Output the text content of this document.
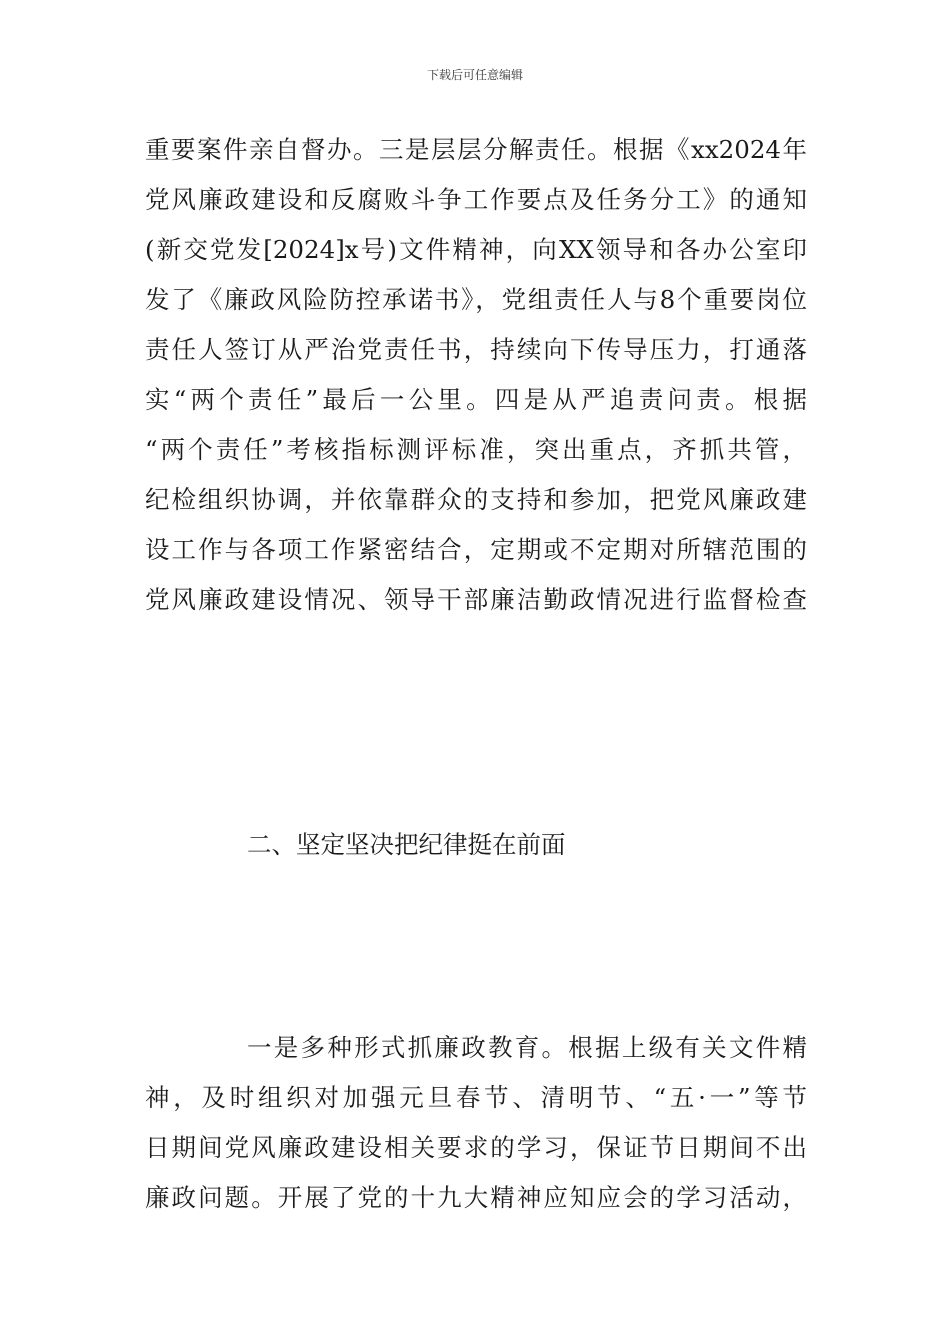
下载后可任意编辑
重要案件亲自督办。三是层层分解责任。根据《xx2024年
党风廉政建设和反腐败斗争工作要点及任务分工》的通知
(新交党发[2024]x号)文件精神，向XX领导和各办公室印
发了《廉政风险防控承诺书》，党组责任人与8个重要岗位
责任人签订从严治党责任书，持续向下传导压力，打通落
实“两个责任”最后一公里。四是从严追责问责。根据
“两个责任”考核指标测评标准，突出重点，齐抓共管，
纪检组织协调，并依靠群众的支持和参加，把党风廉政建
设工作与各项工作紧密结合，定期或不定期对所辖范围的
党风廉政建设情况、领导干部廉洁勤政情况进行监督检查
二、坚定坚决把纪律挺在前面
一是多种形式抓廉政教育。根据上级有关文件精
神，及时组织对加强元旦春节、清明节、“五·一”等节
日期间党风廉政建设相关要求的学习，保证节日期间不出
廉政问题。开展了党的十九大精神应知应会的学习活动，
